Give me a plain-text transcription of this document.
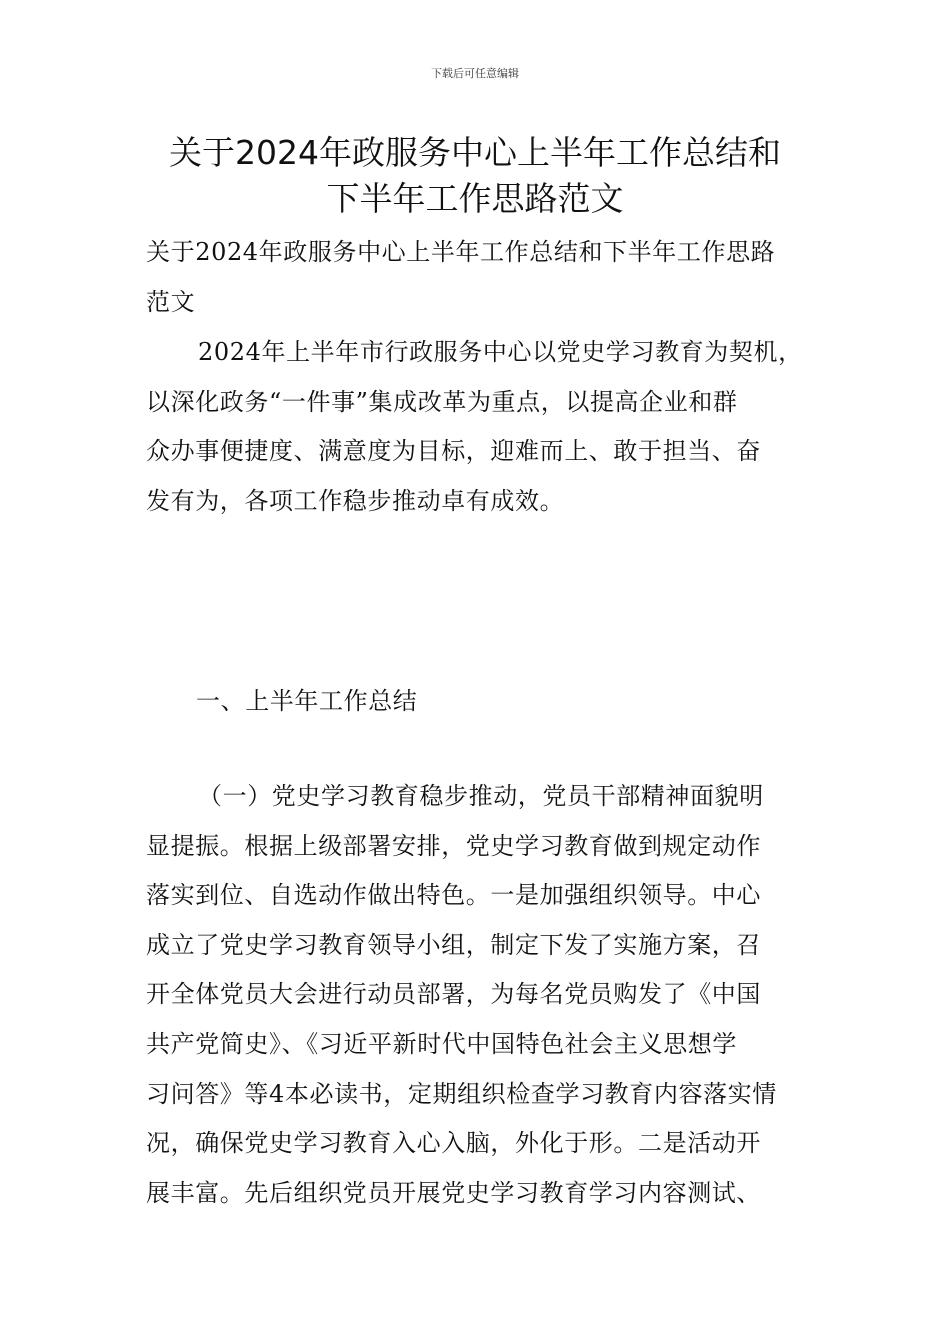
下载后可任意编辑
关于2024年政服务中心上半年工作总结和
下半年工作思路范文
关于2024年政服务中心上半年工作总结和下半年工作思路
范文
2024年上半年市行政服务中心以党史学习教育为契机，
以深化政务“一件事”集成改革为重点，以提高企业和群
众办事便捷度、满意度为目标，迎难而上、敢于担当、奋
发有为，各项工作稳步推动卓有成效。
一、上半年工作总结
（一）党史学习教育稳步推动，党员干部精神面貌明
显提振。根据上级部署安排，党史学习教育做到规定动作
落实到位、自选动作做出特色。一是加强组织领导。中心
成立了党史学习教育领导小组，制定下发了实施方案，召
开全体党员大会进行动员部署，为每名党员购发了《中国
共产党简史》、《习近平新时代中国特色社会主义思想学
习问答》等4本必读书，定期组织检查学习教育内容落实情
况，确保党史学习教育入心入脑，外化于形。二是活动开
展丰富。先后组织党员开展党史学习教育学习内容测试、
